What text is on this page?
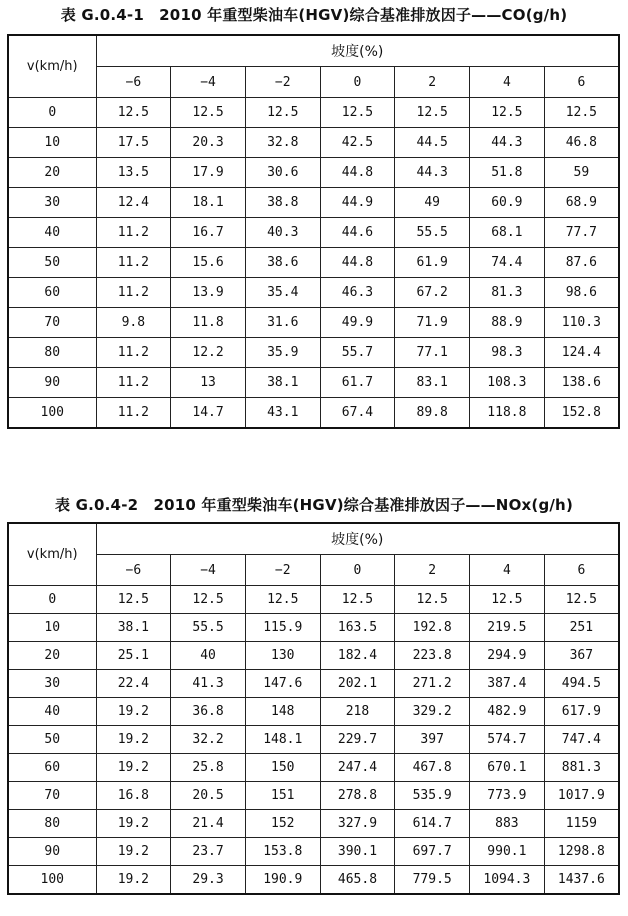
表 G.0.4-1　2010 年重型柴油车(HGV)综合基准排放因子——CO(g/h)
v(km/h)	坡度(%)						
	−6	−4	−2	0	2	4	6
0	12.5	12.5	12.5	12.5	12.5	12.5	12.5
10	17.5	20.3	32.8	42.5	44.5	44.3	46.8
20	13.5	17.9	30.6	44.8	44.3	51.8	59
30	12.4	18.1	38.8	44.9	49	60.9	68.9
40	11.2	16.7	40.3	44.6	55.5	68.1	77.7
50	11.2	15.6	38.6	44.8	61.9	74.4	87.6
60	11.2	13.9	35.4	46.3	67.2	81.3	98.6
70	9.8	11.8	31.6	49.9	71.9	88.9	110.3
80	11.2	12.2	35.9	55.7	77.1	98.3	124.4
90	11.2	13	38.1	61.7	83.1	108.3	138.6
100	11.2	14.7	43.1	67.4	89.8	118.8	152.8
表 G.0.4-2　2010 年重型柴油车(HGV)综合基准排放因子——NOx(g/h)
v(km/h)	坡度(%)						
	−6	−4	−2	0	2	4	6
0	12.5	12.5	12.5	12.5	12.5	12.5	12.5
10	38.1	55.5	115.9	163.5	192.8	219.5	251
20	25.1	40	130	182.4	223.8	294.9	367
30	22.4	41.3	147.6	202.1	271.2	387.4	494.5
40	19.2	36.8	148	218	329.2	482.9	617.9
50	19.2	32.2	148.1	229.7	397	574.7	747.4
60	19.2	25.8	150	247.4	467.8	670.1	881.3
70	16.8	20.5	151	278.8	535.9	773.9	1017.9
80	19.2	21.4	152	327.9	614.7	883	1159
90	19.2	23.7	153.8	390.1	697.7	990.1	1298.8
100	19.2	29.3	190.9	465.8	779.5	1094.3	1437.6
